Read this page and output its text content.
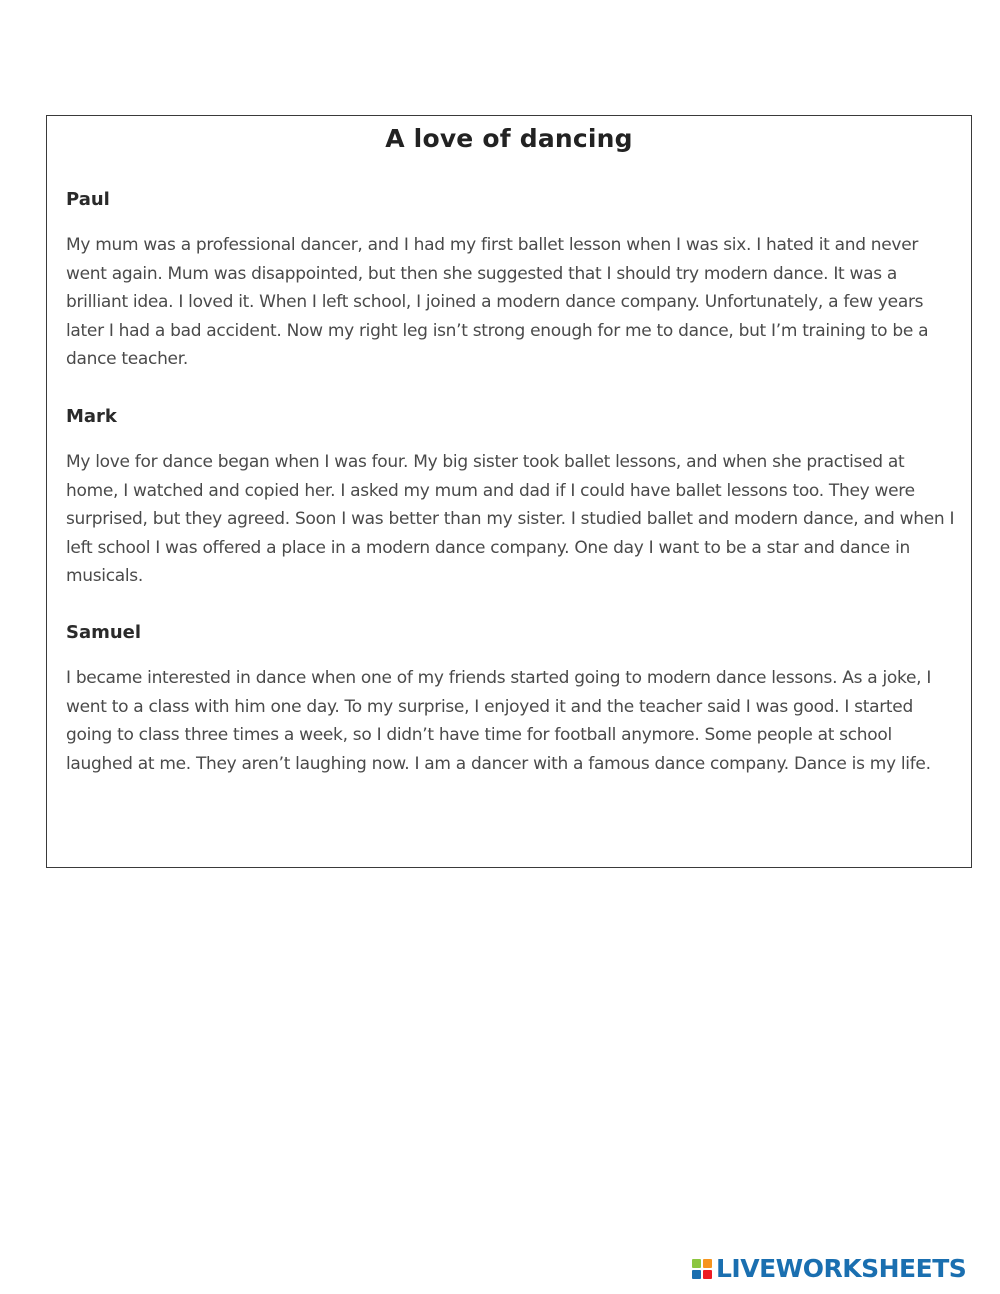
A love of dancing
Paul

My mum was a professional dancer, and I had my first ballet lesson when I was six. I hated it and never went again. Mum was disappointed, but then she suggested that I should try modern dance. It was a brilliant idea. I loved it. When I left school, I joined a modern dance company. Unfortunately, a few years later I had a bad accident. Now my right leg isn’t strong enough for me to dance, but I’m training to be a dance teacher.

Mark

My love for dance began when I was four. My big sister took ballet lessons, and when she practised at home, I watched and copied her. I asked my mum and dad if I could have ballet lessons too. They were surprised, but they agreed. Soon I was better than my sister. I studied ballet and modern dance, and when I left school I was offered a place in a modern dance company. One day I want to be a star and dance in musicals.

Samuel

I became interested in dance when one of my friends started going to modern dance lessons. As a joke, I went to a class with him one day. To my surprise, I enjoyed it and the teacher said I was good. I started going to class three times a week, so I didn’t have time for football anymore. Some people at school laughed at me. They aren’t laughing now. I am a dancer with a famous dance company. Dance is my life.

LIVEWORKSHEETS
